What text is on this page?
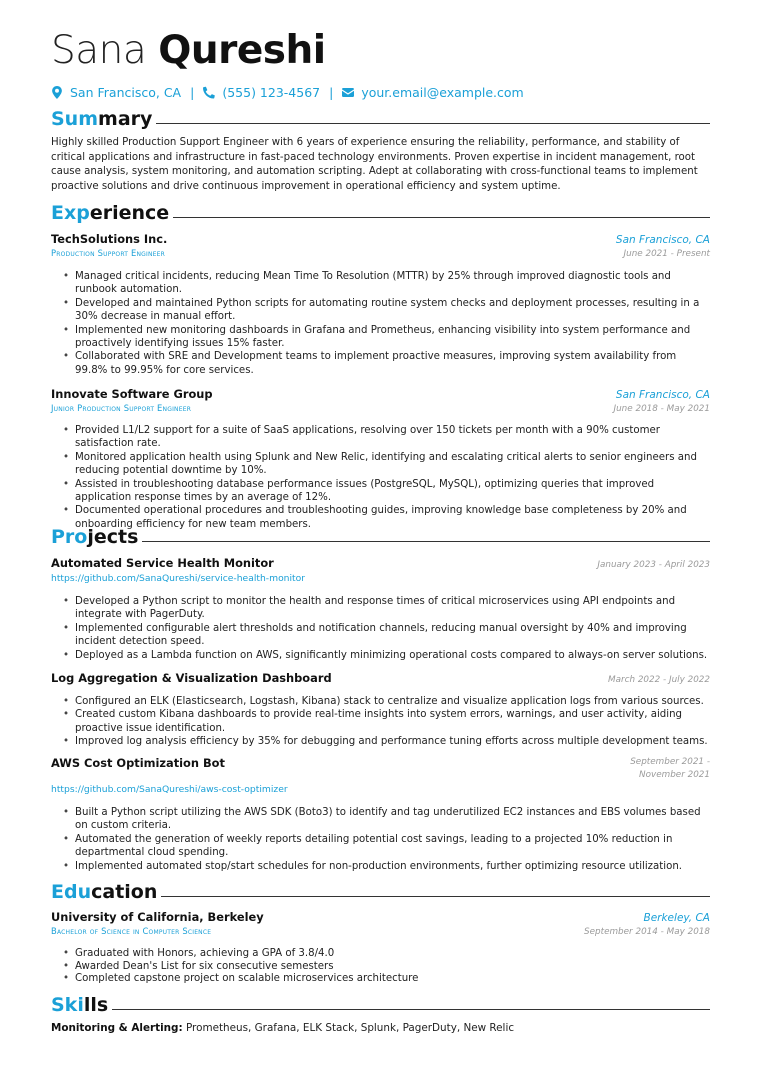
Sana Qureshi
San Francisco, CA | (555) 123-4567 | your.email@example.com
Summary
Highly skilled Production Support Engineer with 6 years of experience ensuring the reliability, performance, and stability of critical applications and infrastructure in fast-paced technology environments. Proven expertise in incident management, root cause analysis, system monitoring, and automation scripting. Adept at collaborating with cross-functional teams to implement proactive solutions and drive continuous improvement in operational efficiency and system uptime.
Experience
TechSolutions Inc.	San Francisco, CA
Production Support Engineer	June 2021 - Present
• Managed critical incidents, reducing Mean Time To Resolution (MTTR) by 25% through improved diagnostic tools and runbook automation.
• Developed and maintained Python scripts for automating routine system checks and deployment processes, resulting in a 30% decrease in manual effort.
• Implemented new monitoring dashboards in Grafana and Prometheus, enhancing visibility into system performance and proactively identifying issues 15% faster.
• Collaborated with SRE and Development teams to implement proactive measures, improving system availability from 99.8% to 99.95% for core services.
Innovate Software Group	San Francisco, CA
Junior Production Support Engineer	June 2018 - May 2021
• Provided L1/L2 support for a suite of SaaS applications, resolving over 150 tickets per month with a 90% customer satisfaction rate.
• Monitored application health using Splunk and New Relic, identifying and escalating critical alerts to senior engineers and reducing potential downtime by 10%.
• Assisted in troubleshooting database performance issues (PostgreSQL, MySQL), optimizing queries that improved application response times by an average of 12%.
• Documented operational procedures and troubleshooting guides, improving knowledge base completeness by 20% and onboarding efficiency for new team members.
Projects
Automated Service Health Monitor	January 2023 - April 2023
https://github.com/SanaQureshi/service-health-monitor
• Developed a Python script to monitor the health and response times of critical microservices using API endpoints and integrate with PagerDuty.
• Implemented configurable alert thresholds and notification channels, reducing manual oversight by 40% and improving incident detection speed.
• Deployed as a Lambda function on AWS, significantly minimizing operational costs compared to always-on server solutions.
Log Aggregation & Visualization Dashboard	March 2022 - July 2022
• Configured an ELK (Elasticsearch, Logstash, Kibana) stack to centralize and visualize application logs from various sources.
• Created custom Kibana dashboards to provide real-time insights into system errors, warnings, and user activity, aiding proactive issue identification.
• Improved log analysis efficiency by 35% for debugging and performance tuning efforts across multiple development teams.
AWS Cost Optimization Bot	September 2021 - November 2021
https://github.com/SanaQureshi/aws-cost-optimizer
• Built a Python script utilizing the AWS SDK (Boto3) to identify and tag underutilized EC2 instances and EBS volumes based on custom criteria.
• Automated the generation of weekly reports detailing potential cost savings, leading to a projected 10% reduction in departmental cloud spending.
• Implemented automated stop/start schedules for non-production environments, further optimizing resource utilization.
Education
University of California, Berkeley	Berkeley, CA
Bachelor of Science in Computer Science	September 2014 - May 2018
• Graduated with Honors, achieving a GPA of 3.8/4.0
• Awarded Dean's List for six consecutive semesters
• Completed capstone project on scalable microservices architecture
Skills
Monitoring & Alerting: Prometheus, Grafana, ELK Stack, Splunk, PagerDuty, New Relic
